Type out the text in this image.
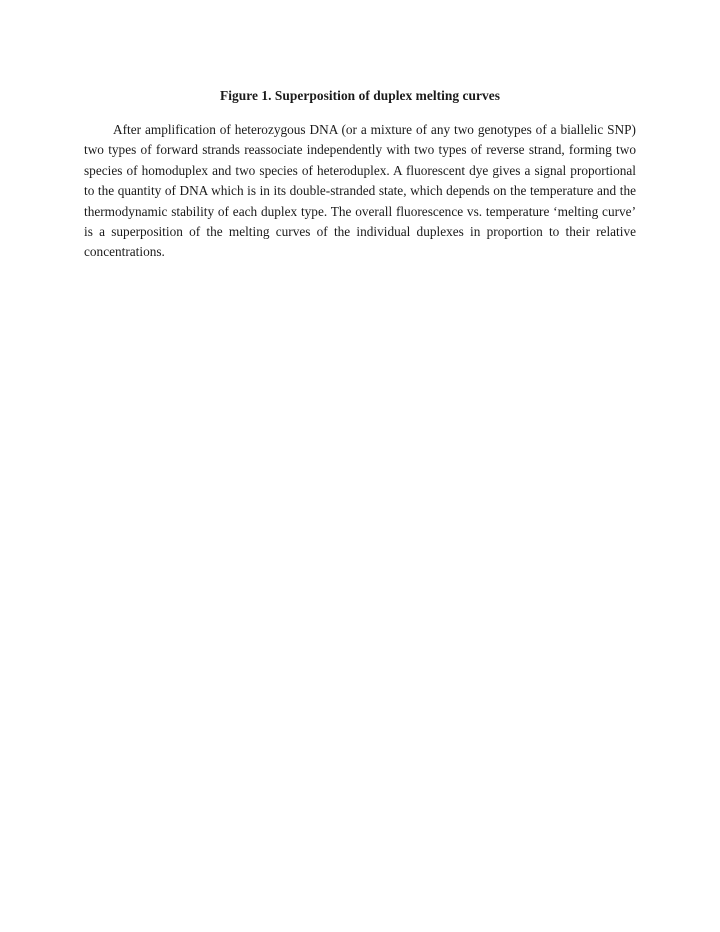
Figure 1. Superposition of duplex melting curves

After amplification of heterozygous DNA (or a mixture of any two genotypes of a biallelic SNP) two types of forward strands reassociate independently with two types of reverse strand, forming two species of homoduplex and two species of heteroduplex. A fluorescent dye gives a signal proportional to the quantity of DNA which is in its double-stranded state, which depends on the temperature and the thermodynamic stability of each duplex type. The overall fluorescence vs. temperature ‘melting curve’ is a superposition of the melting curves of the individual duplexes in proportion to their relative concentrations.
